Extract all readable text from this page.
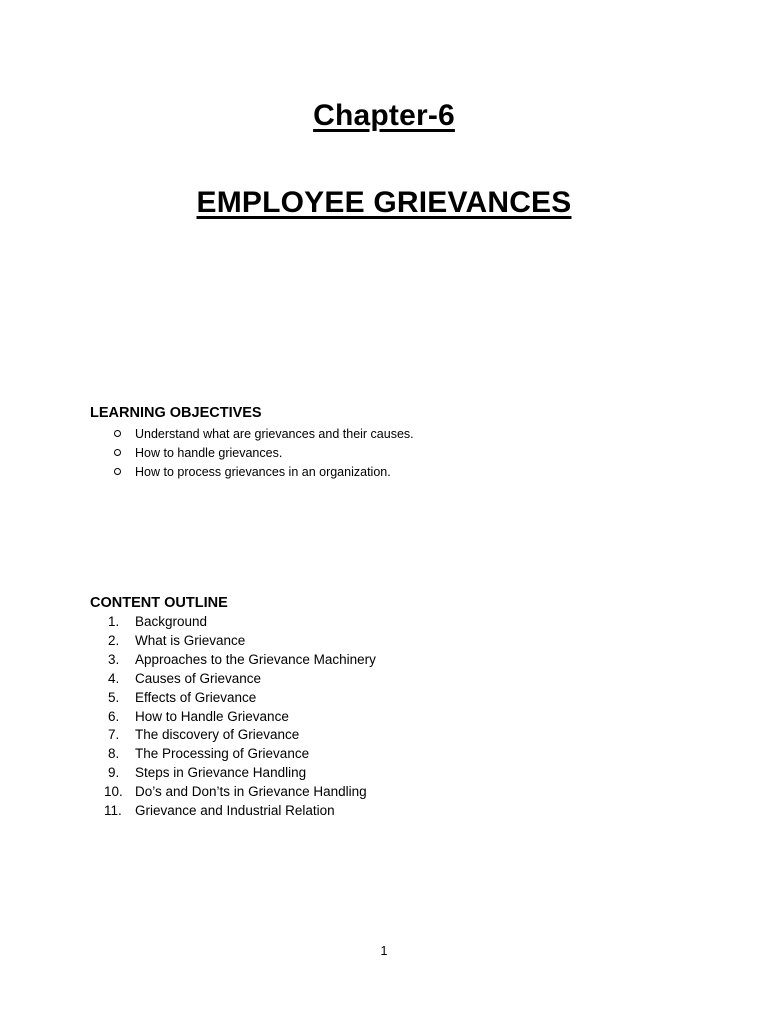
Chapter-6
EMPLOYEE GRIEVANCES
LEARNING OBJECTIVES
Understand what are grievances and their causes.
How to handle grievances.
How to process grievances in an organization.
CONTENT OUTLINE
1.	Background
2.	What is Grievance
3.	Approaches to the Grievance Machinery
4.	Causes of Grievance
5.	Effects of Grievance
6.	How to Handle Grievance
7.	The discovery of Grievance
8.	The Processing of Grievance
9.	Steps in Grievance Handling
10. Do’s and Don’ts in Grievance Handling
11. Grievance and Industrial Relation
1
